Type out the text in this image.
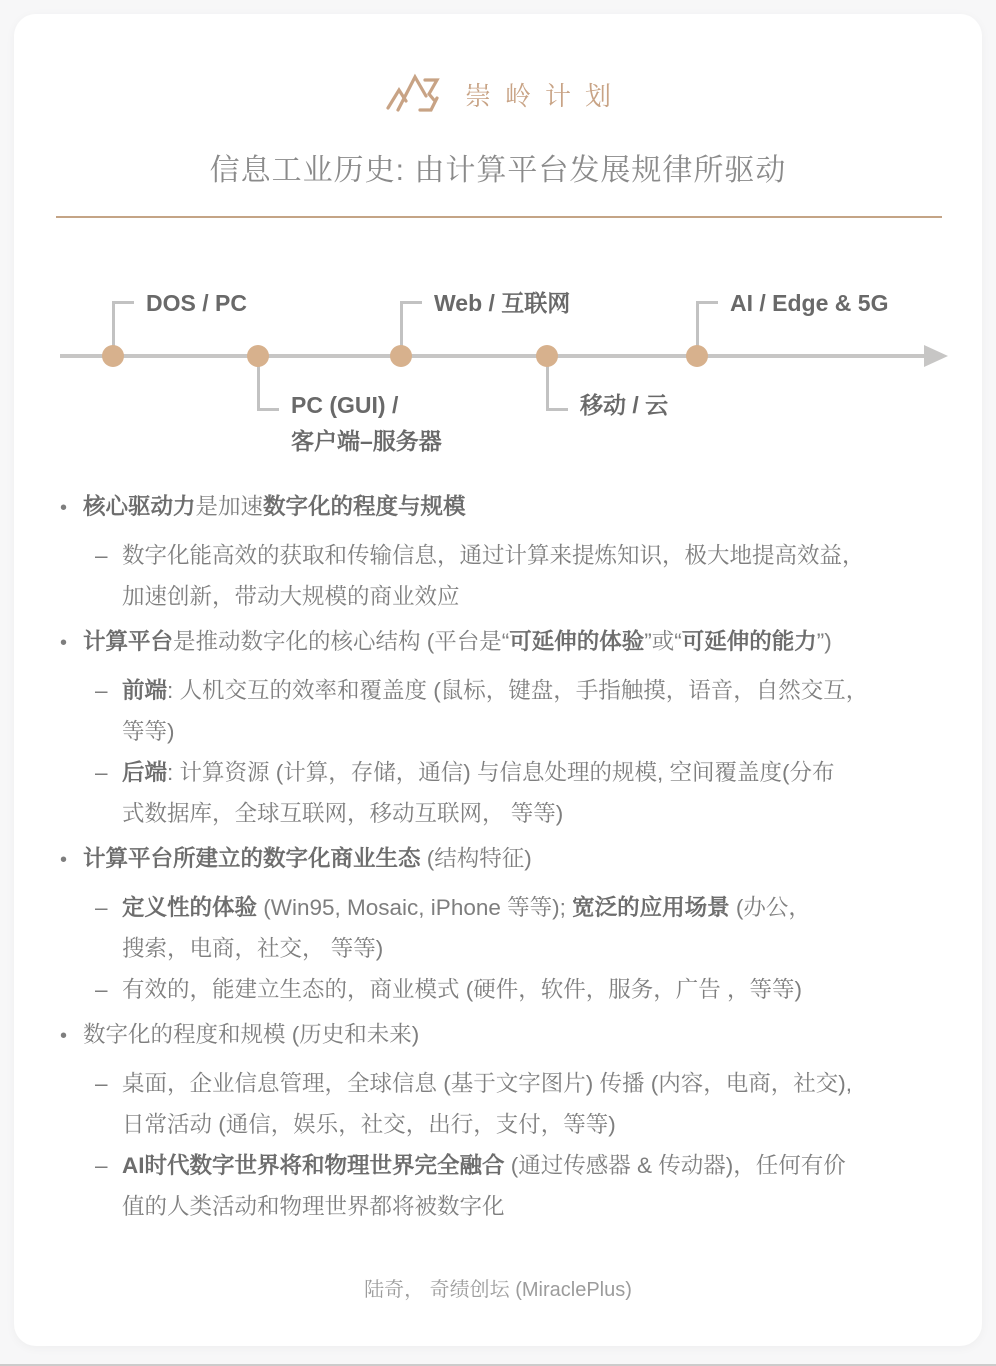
崇岭计划
信息工业历史: 由计算平台发展规律所驱动
DOS / PC
PC (GUI) /
客户端–服务器
Web / 互联网
移动 / 云
AI / Edge & 5G
• 核心驱动力是加速数字化的程度与规模
– 数字化能高效的获取和传输信息，通过计算来提炼知识，极大地提高效益，
加速创新，带动大规模的商业效应
• 计算平台是推动数字化的核心结构 (平台是“可延伸的体验”或“可延伸的能力”)
– 前端: 人机交互的效率和覆盖度 (鼠标，键盘，手指触摸，语音，自然交互，
等等)
– 后端: 计算资源 (计算，存储，通信) 与信息处理的规模, 空间覆盖度(分布
式数据库，全球互联网，移动互联网， 等等)
• 计算平台所建立的数字化商业生态 (结构特征)
– 定义性的体验 (Win95, Mosaic, iPhone 等等); 宽泛的应用场景 (办公，
搜索，电商，社交， 等等)
– 有效的，能建立生态的，商业模式 (硬件，软件，服务，广告 ，等等)
• 数字化的程度和规模 (历史和未来)
– 桌面，企业信息管理，全球信息 (基于文字图片) 传播 (内容，电商，社交),
日常活动 (通信，娱乐，社交，出行，支付，等等)
– AI时代数字世界将和物理世界完全融合 (通过传感器 & 传动器)，任何有价
值的人类活动和物理世界都将被数字化
陆奇， 奇绩创坛 (MiraclePlus)
